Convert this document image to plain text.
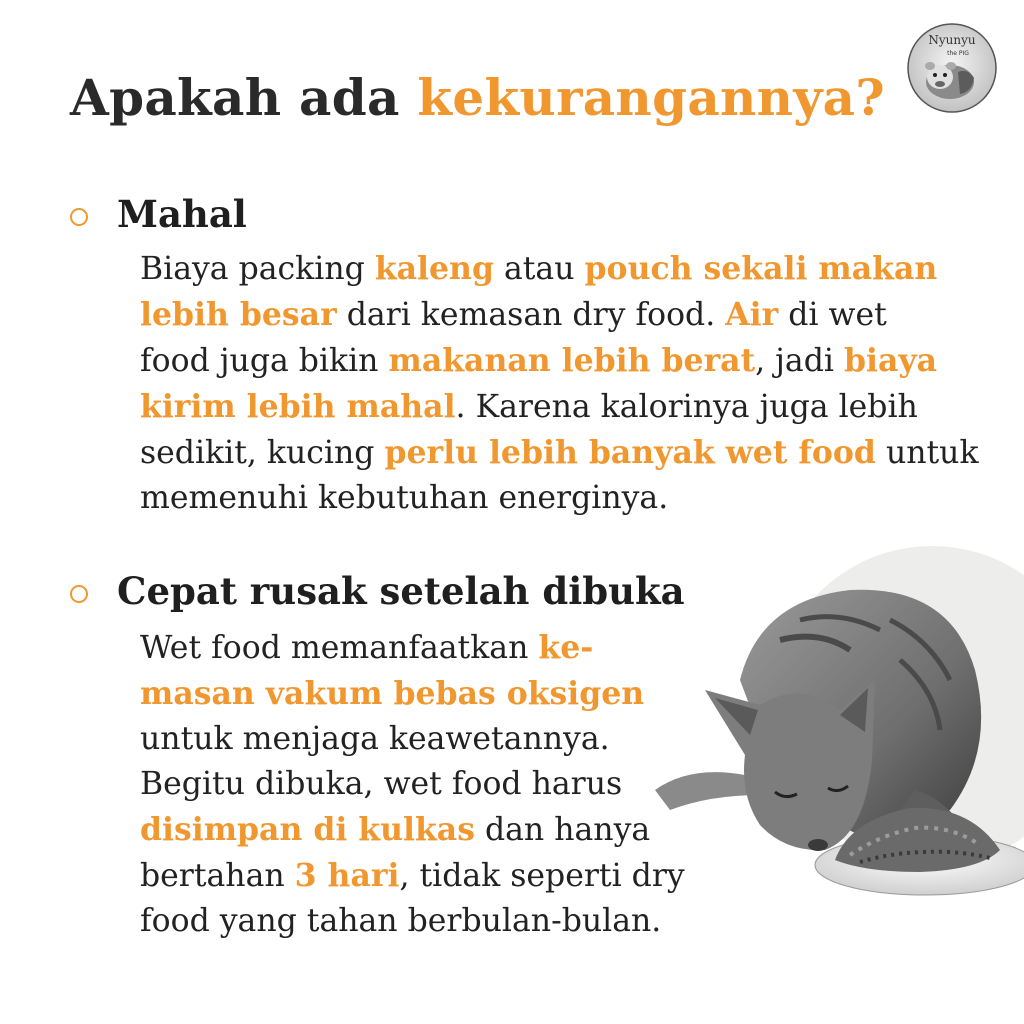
Apakah ada kekurangannya?
Nyunyu
the PIG
Mahal
Biaya packing kaleng atau pouch sekali makan
lebih besar dari kemasan dry food. Air di wet
food juga bikin makanan lebih berat, jadi biaya
kirim lebih mahal. Karena kalorinya juga lebih
sedikit, kucing perlu lebih banyak wet food untuk
memenuhi kebutuhan energinya.
Cepat rusak setelah dibuka
Wet food memanfaatkan ke-
masan vakum bebas oksigen
untuk menjaga keawetannya.
Begitu dibuka, wet food harus
disimpan di kulkas dan hanya
bertahan 3 hari, tidak seperti dry
food yang tahan berbulan-bulan.
